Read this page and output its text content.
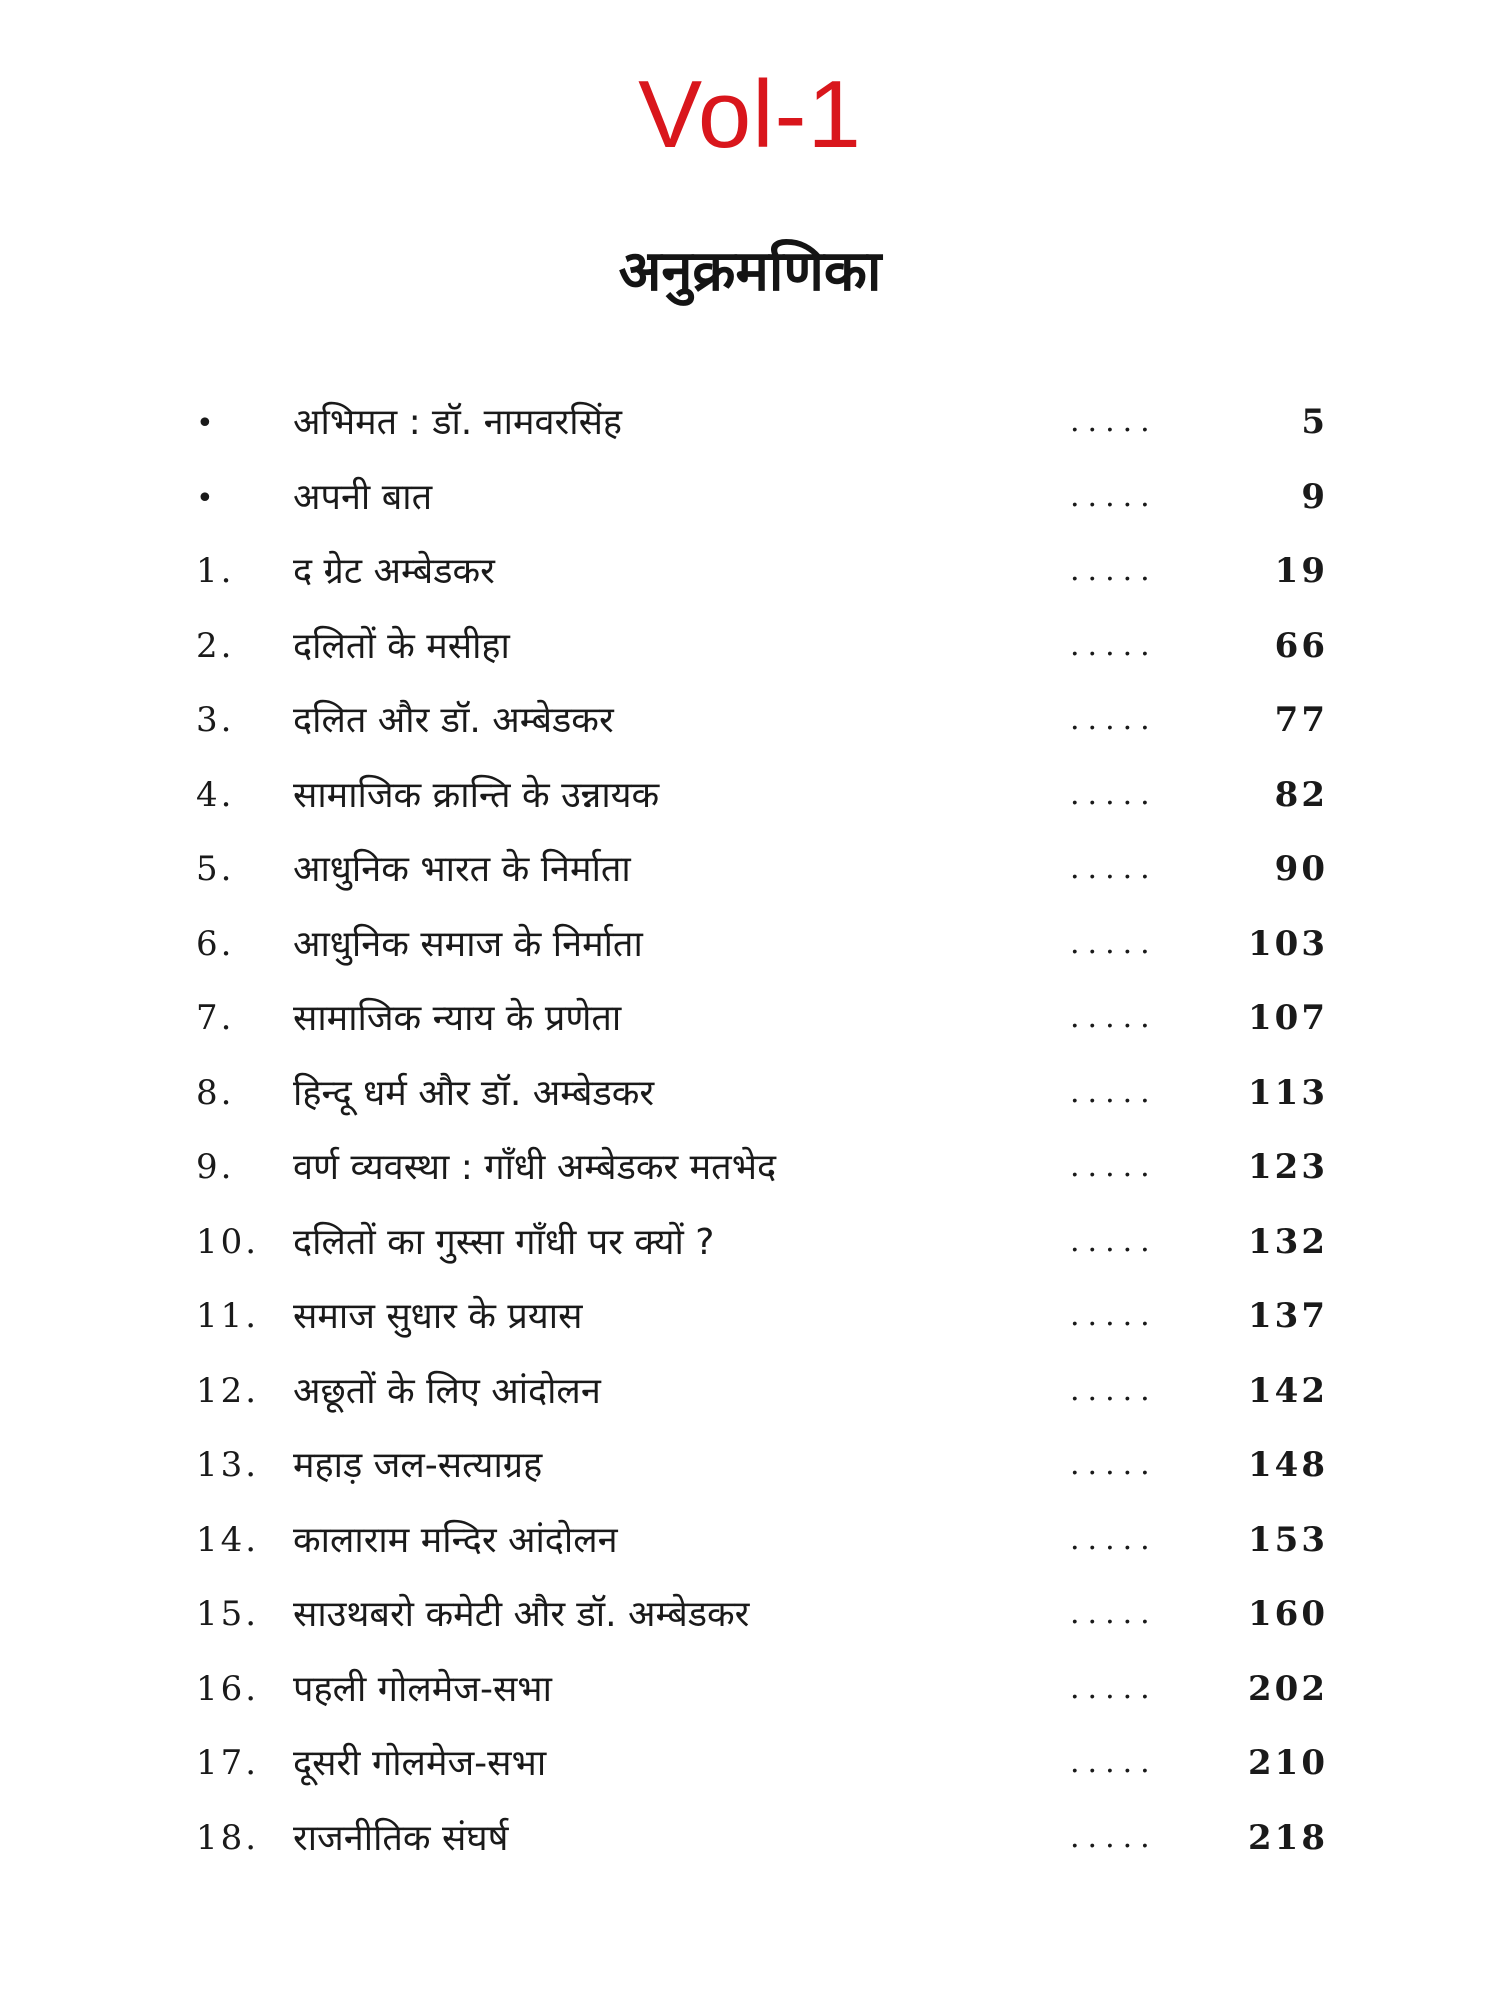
Vol-1
अनुक्रमणिका
• अभिमत : डॉ. नामवरसिंह	.....	5
• अपनी बात	.....	9
1. द ग्रेट अम्बेडकर	.....	19
2. दलितों के मसीहा	.....	66
3. दलित और डॉ. अम्बेडकर	.....	77
4. सामाजिक क्रान्ति के उन्नायक	.....	82
5. आधुनिक भारत के निर्माता	.....	90
6. आधुनिक समाज के निर्माता	.....	103
7. सामाजिक न्याय के प्रणेता	.....	107
8. हिन्दू धर्म और डॉ. अम्बेडकर	.....	113
9. वर्ण व्यवस्था : गाँधी अम्बेडकर मतभेद	.....	123
10. दलितों का गुस्सा गाँधी पर क्यों ?	.....	132
11. समाज सुधार के प्रयास	.....	137
12. अछूतों के लिए आंदोलन	.....	142
13. महाड़ जल-सत्याग्रह	.....	148
14. कालाराम मन्दिर आंदोलन	.....	153
15. साउथबरो कमेटी और डॉ. अम्बेडकर	.....	160
16. पहली गोलमेज-सभा	.....	202
17. दूसरी गोलमेज-सभा	.....	210
18. राजनीतिक संघर्ष	.....	218
